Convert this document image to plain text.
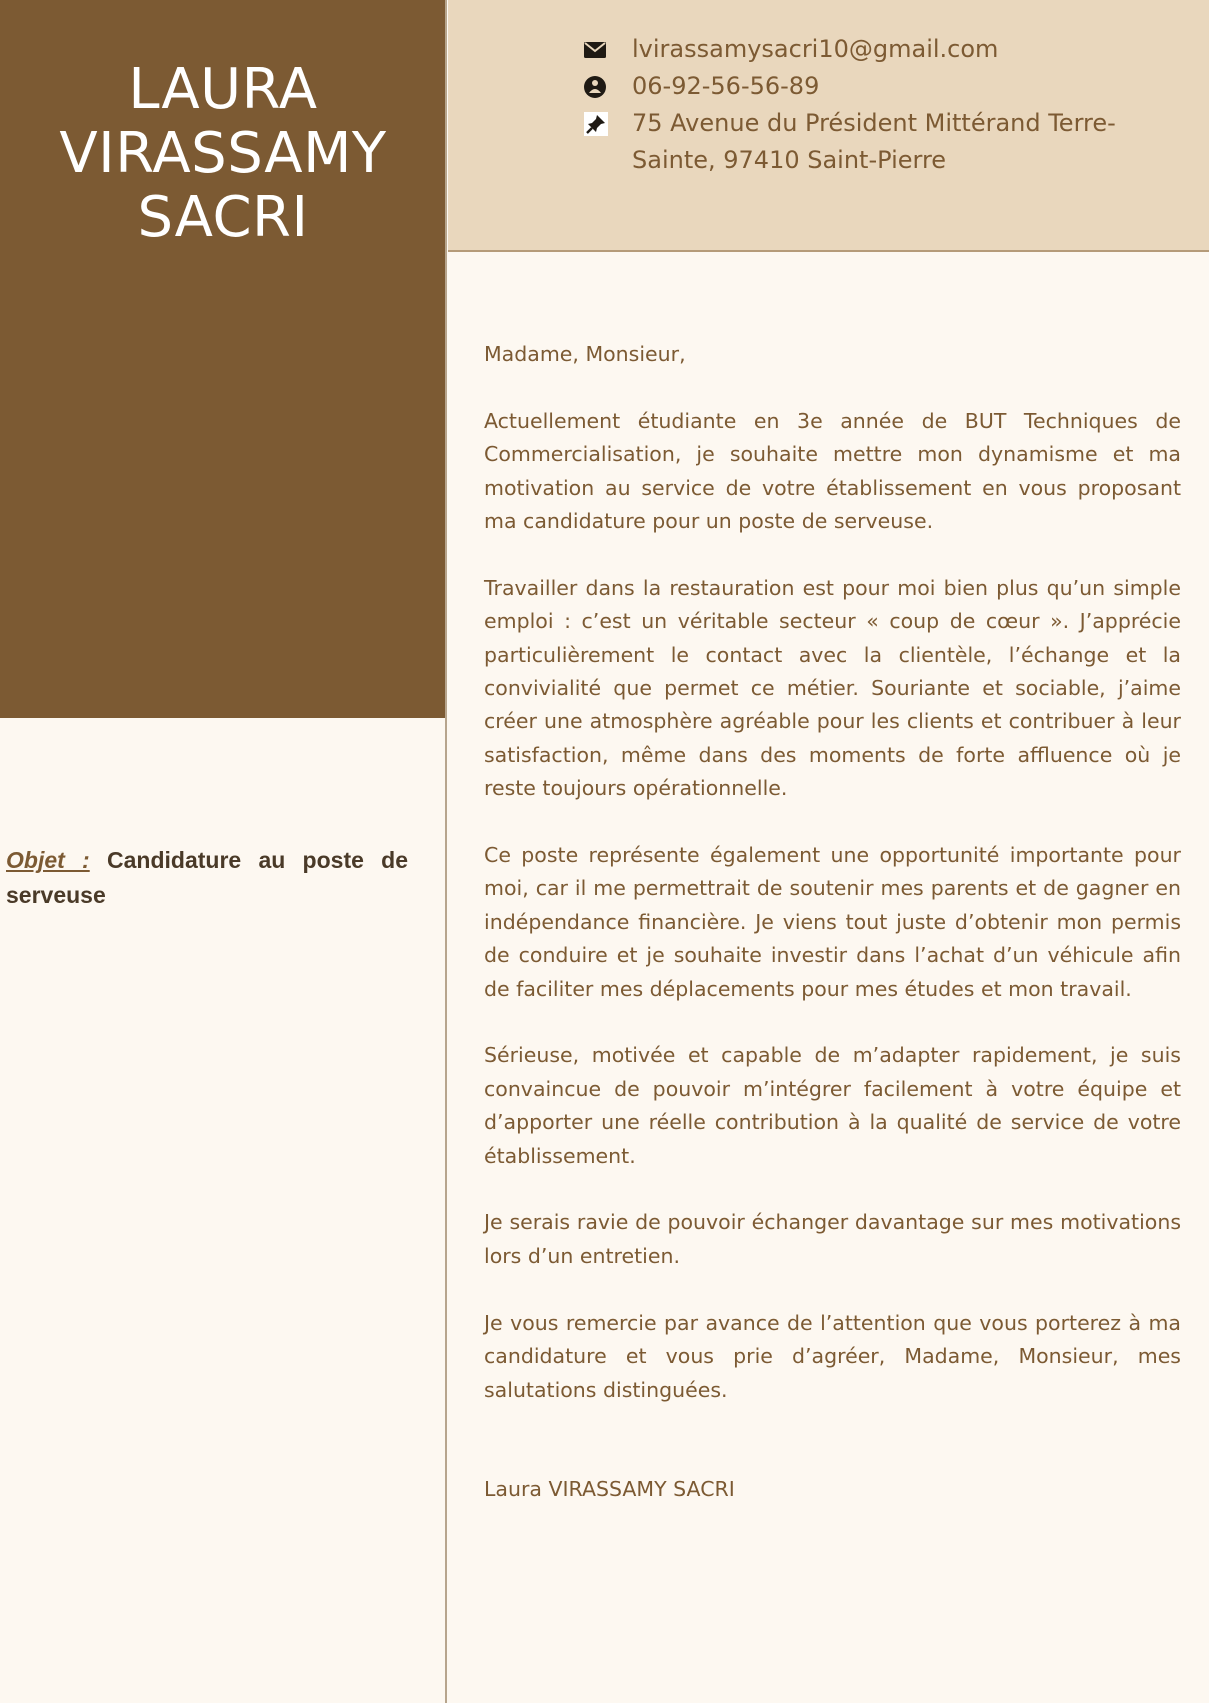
LAURA
VIRASSAMY
SACRI
lvirassamysacri10@gmail.com
06-92-56-56-89
75 Avenue du Président Mittérand Terre-Sainte, 97410 Saint-Pierre
Objet : Candidature au poste de serveuse

Madame, Monsieur,

Actuellement étudiante en 3e année de BUT Techniques de Commercialisation, je souhaite mettre mon dynamisme et ma motivation au service de votre établissement en vous proposant ma candidature pour un poste de serveuse.

Travailler dans la restauration est pour moi bien plus qu’un simple emploi : c’est un véritable secteur « coup de cœur ». J’apprécie particulièrement le contact avec la clientèle, l’échange et la convivialité que permet ce métier. Souriante et sociable, j’aime créer une atmosphère agréable pour les clients et contribuer à leur satisfaction, même dans des moments de forte affluence où je reste toujours opérationnelle.

Ce poste représente également une opportunité importante pour moi, car il me permettrait de soutenir mes parents et de gagner en indépendance financière. Je viens tout juste d’obtenir mon permis de conduire et je souhaite investir dans l’achat d’un véhicule afin de faciliter mes déplacements pour mes études et mon travail.

Sérieuse, motivée et capable de m’adapter rapidement, je suis convaincue de pouvoir m’intégrer facilement à votre équipe et d’apporter une réelle contribution à la qualité de service de votre établissement.

Je serais ravie de pouvoir échanger davantage sur mes motivations lors d’un entretien.

Je vous remercie par avance de l’attention que vous porterez à ma candidature et vous prie d’agréer, Madame, Monsieur, mes salutations distinguées.

Laura VIRASSAMY SACRI
